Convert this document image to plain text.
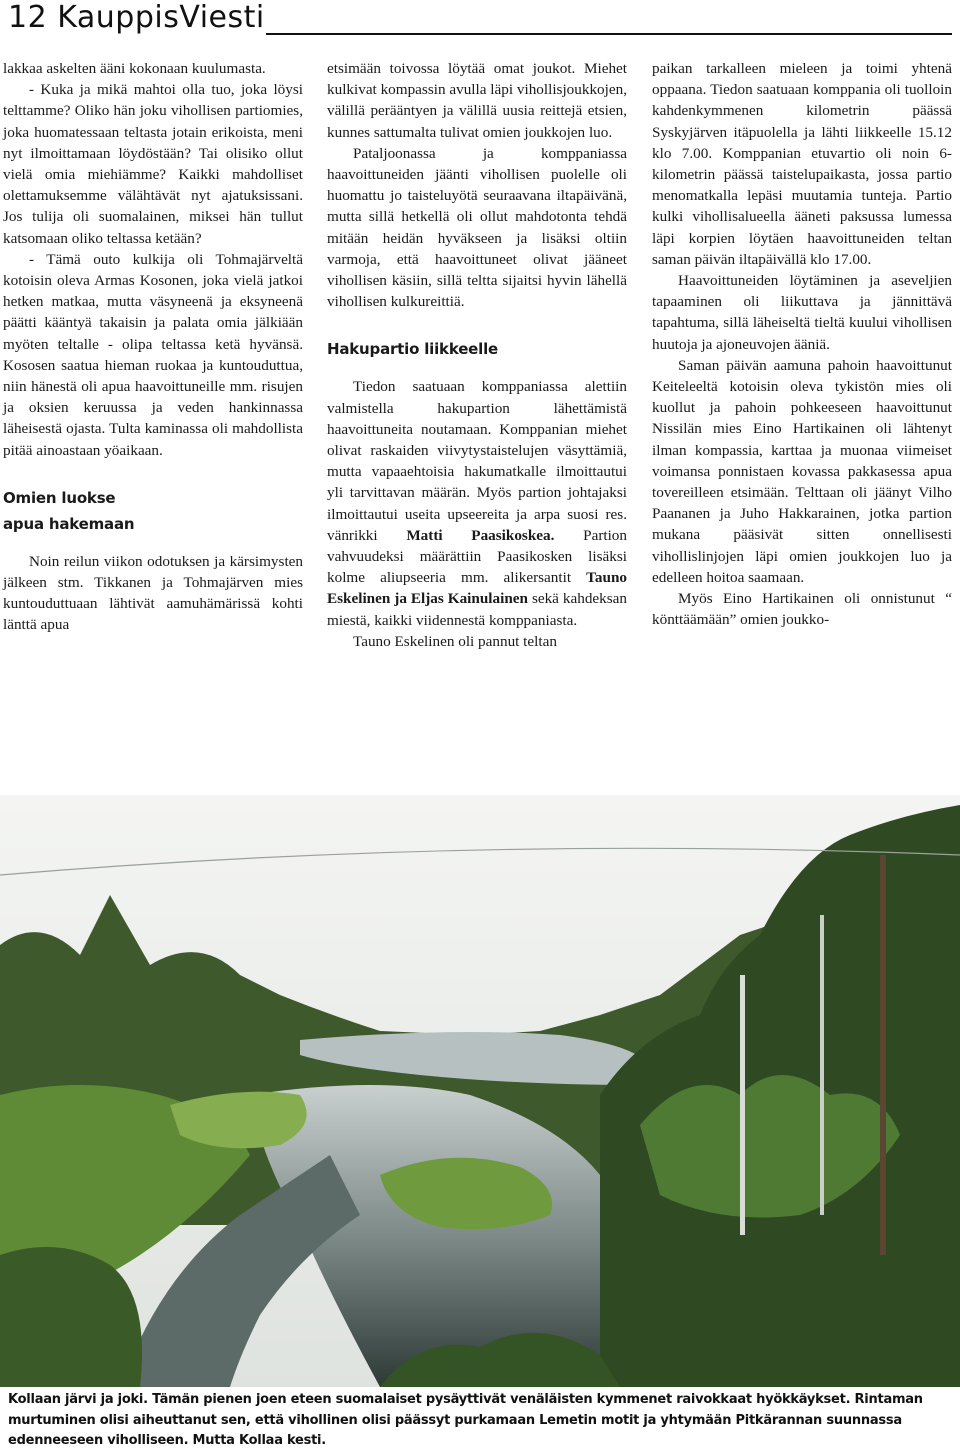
12 KauppisViesti

lakkaa askelten ääni kokonaan kuulumasta.

- Kuka ja mikä mahtoi olla tuo, joka löysi telttamme? Oliko hän joku vihollisen partiomies, joka huomatessaan teltasta jotain erikoista, meni nyt ilmoittamaan löydöstään? Tai olisiko ollut vielä omia miehiämme? Kaikki mahdolliset olettamuksemme välähtävät nyt ajatuksissani. Jos tulija oli suomalainen, miksei hän tullut katsomaan oliko teltassa ketään?

- Tämä outo kulkija oli Tohmajärveltä kotoisin oleva Armas Kosonen, joka vielä jatkoi hetken matkaa, mutta väsyneenä ja eksyneenä päätti kääntyä takaisin ja palata omia jälkiään myöten teltalle - olipa teltassa ketä hyvänsä. Kososen saatua hieman ruokaa ja kuntouduttua, niin hänestä oli apua haavoittuneille mm. risujen ja oksien keruussa ja veden hankinnassa läheisestä ojasta. Tulta kaminassa oli mahdollista pitää ainoastaan yöaikaan.

Omien luokse
apua hakemaan

Noin reilun viikon odotuksen ja kärsimysten jälkeen stm. Tikkanen ja Tohmajärven mies kuntouduttuaan lähtivät aamuhämärissä kohti länttä apua

etsimään toivossa löytää omat joukot. Miehet kulkivat kompassin avulla läpi vihollisjoukkojen, välillä perääntyen ja välillä uusia reittejä etsien, kunnes sattumalta tulivat omien joukkojen luo.

Pataljoonassa ja komppaniassa haavoittuneiden jäänti vihollisen puolelle oli huomattu jo taisteluyötä seuraavana iltapäivänä, mutta sillä hetkellä oli ollut mahdotonta tehdä mitään heidän hyväkseen ja lisäksi oltiin varmoja, että haavoittuneet olivat jääneet vihollisen käsiin, sillä teltta sijaitsi hyvin lähellä vihollisen kulkureittiä.

Hakupartio liikkeelle

Tiedon saatuaan komppaniassa alettiin valmistella hakupartion lähettämistä haavoittuneita noutamaan. Komppanian miehet olivat raskaiden viivytystaistelujen väsyttämiä, mutta vapaaehtoisia hakumatkalle ilmoittautui yli tarvittavan määrän. Myös partion johtajaksi ilmoittautui useita upseereita ja arpa suosi res. vänrikki Matti Paasikoskea. Partion vahvuudeksi määrättiin Paasikosken lisäksi kolme aliupseeria mm. alikersantit Tauno Eskelinen ja Eljas Kainulainen sekä kahdeksan miestä, kaikki viidennestä komppaniasta.

Tauno Eskelinen oli pannut teltan

paikan tarkalleen mieleen ja toimi yhtenä oppaana. Tiedon saatuaan komppania oli tuolloin kahdenkymmenen kilometrin päässä Syskyjärven itäpuolella ja lähti liikkeelle 15.12 klo 7.00. Komppanian etuvartio oli noin 6-kilometrin päässä taistelupaikasta, jossa partio menomatkalla lepäsi muutamia tunteja. Partio kulki vihollisalueella ääneti paksussa lumessa läpi korpien löytäen haavoittuneiden teltan saman päivän iltapäivällä klo 17.00.

Haavoittuneiden löytäminen ja aseveljien tapaaminen oli liikuttava ja jännittävä tapahtuma, sillä läheiseltä tieltä kuului vihollisen huutoja ja ajoneuvojen ääniä.

Saman päivän aamuna pahoin haavoittunut Keiteleeltä kotoisin oleva tykistön mies oli kuollut ja pahoin pohkeeseen haavoittunut Nissilän mies Eino Hartikainen oli lähtenyt ilman kompassia, karttaa ja muonaa viimeiset voimansa ponnistaen kovassa pakkasessa apua tovereilleen etsimään. Telttaan oli jäänyt Vilho Paananen ja Juho Hakkarainen, jotka partion mukana pääsivät sitten onnellisesti vihollislinjojen läpi omien joukkojen luo ja edelleen hoitoa saamaan.

Myös Eino Hartikainen oli onnistunut “ könttäämään” omien joukko-

Kollaan järvi ja joki. Tämän pienen joen eteen suomalaiset pysäyttivät venäläisten kymmenet raivokkaat hyökkäykset. Rintaman murtuminen olisi aiheuttanut sen, että vihollinen olisi päässyt purkamaan Lemetin motit ja yhtymään Pitkärannan suunnassa edenneeseen viholliseen. Mutta Kollaa kesti.
